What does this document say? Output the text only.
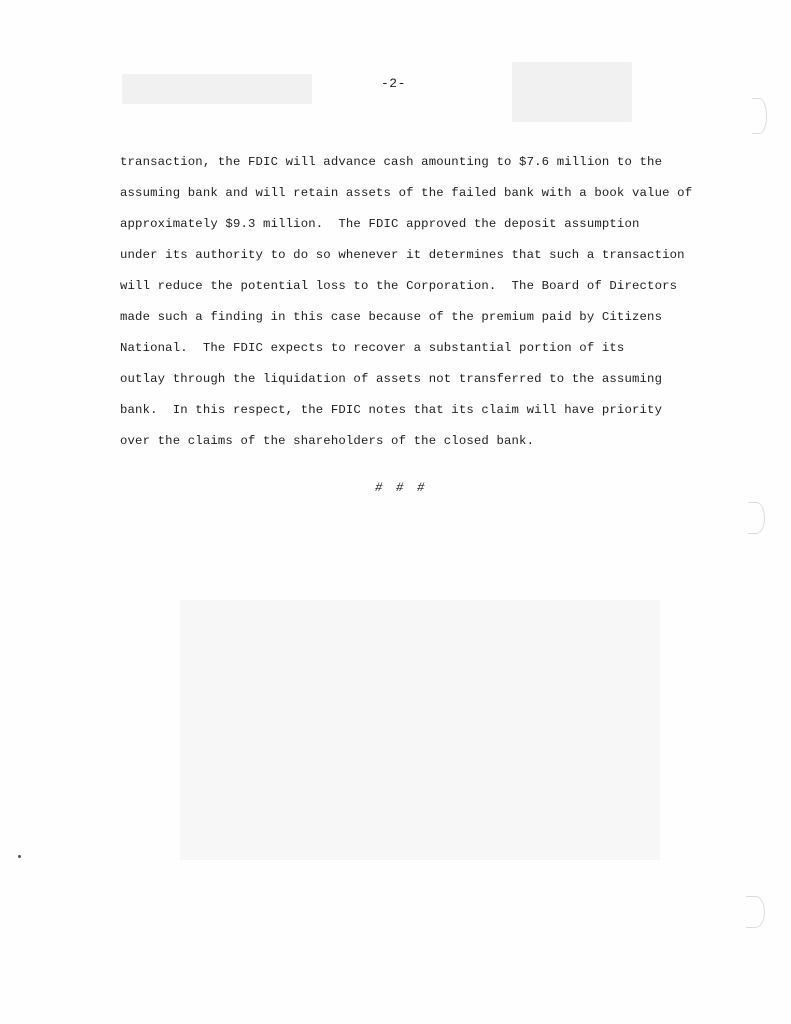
-2-
transaction, the FDIC will advance cash amounting to $7.6 million to the
assuming bank and will retain assets of the failed bank with a book value of
approximately $9.3 million.  The FDIC approved the deposit assumption
under its authority to do so whenever it determines that such a transaction
will reduce the potential loss to the Corporation.  The Board of Directors
made such a finding in this case because of the premium paid by Citizens
National.  The FDIC expects to recover a substantial portion of its
outlay through the liquidation of assets not transferred to the assuming
bank.  In this respect, the FDIC notes that its claim will have priority
over the claims of the shareholders of the closed bank.
# # #
